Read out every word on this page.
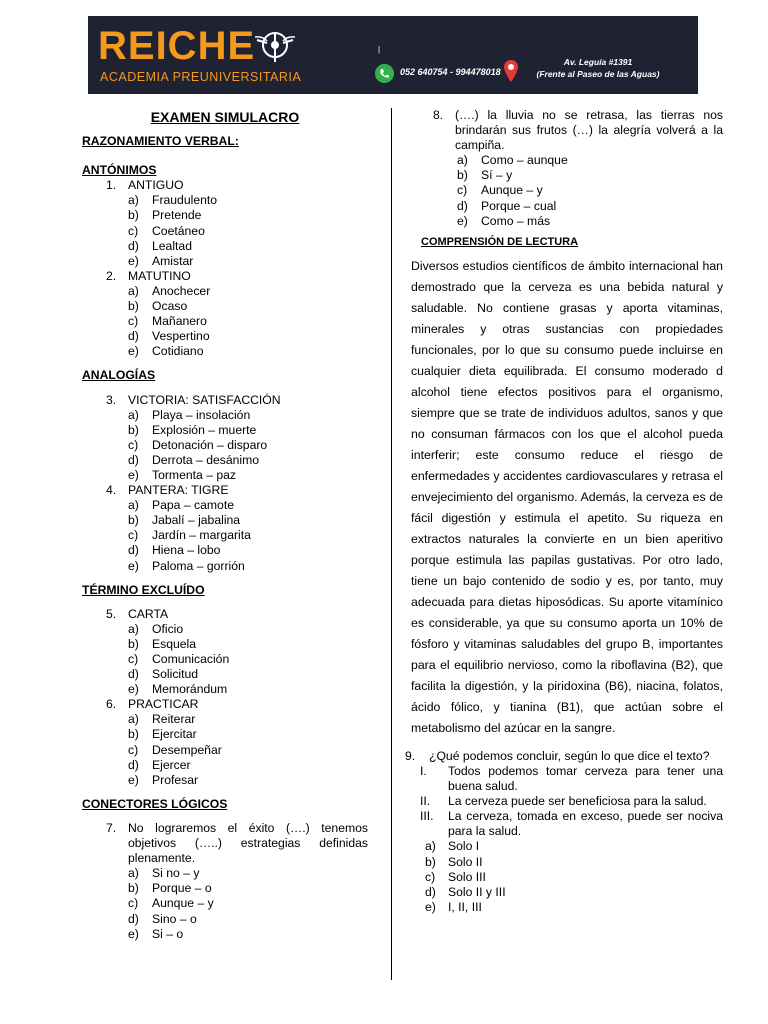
REICHE
ACADEMIA PREUNIVERSITARIA
|
052 640754 - 994478018
Av. Leguía #1391
(Frente al Paseo de las Aguas)
EXAMEN SIMULACRO
RAZONAMIENTO VERBAL:
ANTÓNIMOS
1. ANTIGUO
a)	Fraudulento
b)	Pretende
c)	Coetáneo
d)	Lealtad
e)	Amistar
2. MATUTINO
a)	Anochecer
b)	Ocaso
c)	Mañanero
d)	Vespertino
e)	Cotidiano
ANALOGÍAS
3. VICTORIA: SATISFACCIÓN
a)	Playa – insolación
b)	Explosión – muerte
c)	Detonación – disparo
d)	Derrota – desánimo
e)	Tormenta – paz
4. PANTERA: TIGRE
a)	Papa – camote
b)	Jabalí – jabalina
c)	Jardín – margarita
d)	Hiena – lobo
e)	Paloma – gorrión
TÉRMINO EXCLUÍDO
5. CARTA
a)	Oficio
b)	Esquela
c)	Comunicación
d)	Solicitud
e)	Memorándum
6. PRACTICAR
a)	Reiterar
b)	Ejercitar
c)	Desempeñar
d)	Ejercer
e)	Profesar
CONECTORES LÓGICOS
7. No lograremos el éxito (….) tenemos objetivos (…..) estrategias definidas plenamente.
a)	Si no – y
b)	Porque – o
c)	Aunque – y
d)	Sino – o
e)	Si – o
8. (….) la lluvia no se retrasa, las tierras nos brindarán sus frutos (…) la alegría volverá a la campiña.
a)	Como – aunque
b)	Sí – y
c)	Aunque – y
d)	Porque – cual
e)	Como – más
COMPRENSIÓN DE LECTURA

Diversos estudios científicos de ámbito internacional han demostrado que la cerveza es una bebida natural y saludable. No contiene grasas y aporta vitaminas, minerales y otras sustancias con propiedades funcionales, por lo que su consumo puede incluirse en cualquier dieta equilibrada. El consumo moderado d alcohol tiene efectos positivos para el organismo, siempre que se trate de individuos adultos, sanos y que no consuman fármacos con los que el alcohol pueda interferir; este consumo reduce el riesgo de enfermedades y accidentes cardiovasculares y retrasa el envejecimiento del organismo. Además, la cerveza es de fácil digestión y estimula el apetito. Su riqueza en extractos naturales la convierte en un bien aperitivo porque estimula las papilas gustativas. Por otro lado, tiene un bajo contenido de sodio y es, por tanto, muy adecuada para dietas hiposódicas. Su aporte vitamínico es considerable, ya que su consumo aporta un 10% de fósforo y vitaminas saludables del grupo B, importantes para el equilibrio nervioso, como la riboflavina (B2), que facilita la digestión, y la piridoxina (B6), niacina, folatos, ácido fólico, y tianina (B1), que actúan sobre el metabolismo del azúcar en la sangre.

9.	¿Qué podemos concluir, según lo que dice el texto?
I.	Todos podemos tomar cerveza para tener una buena salud.
II.	La cerveza puede ser beneficiosa para la salud.
III.	La cerveza, tomada en exceso, puede ser nociva para la salud.
a) Solo I
b) Solo II
c)	Solo III
d) Solo II y III
e) I, II, III
